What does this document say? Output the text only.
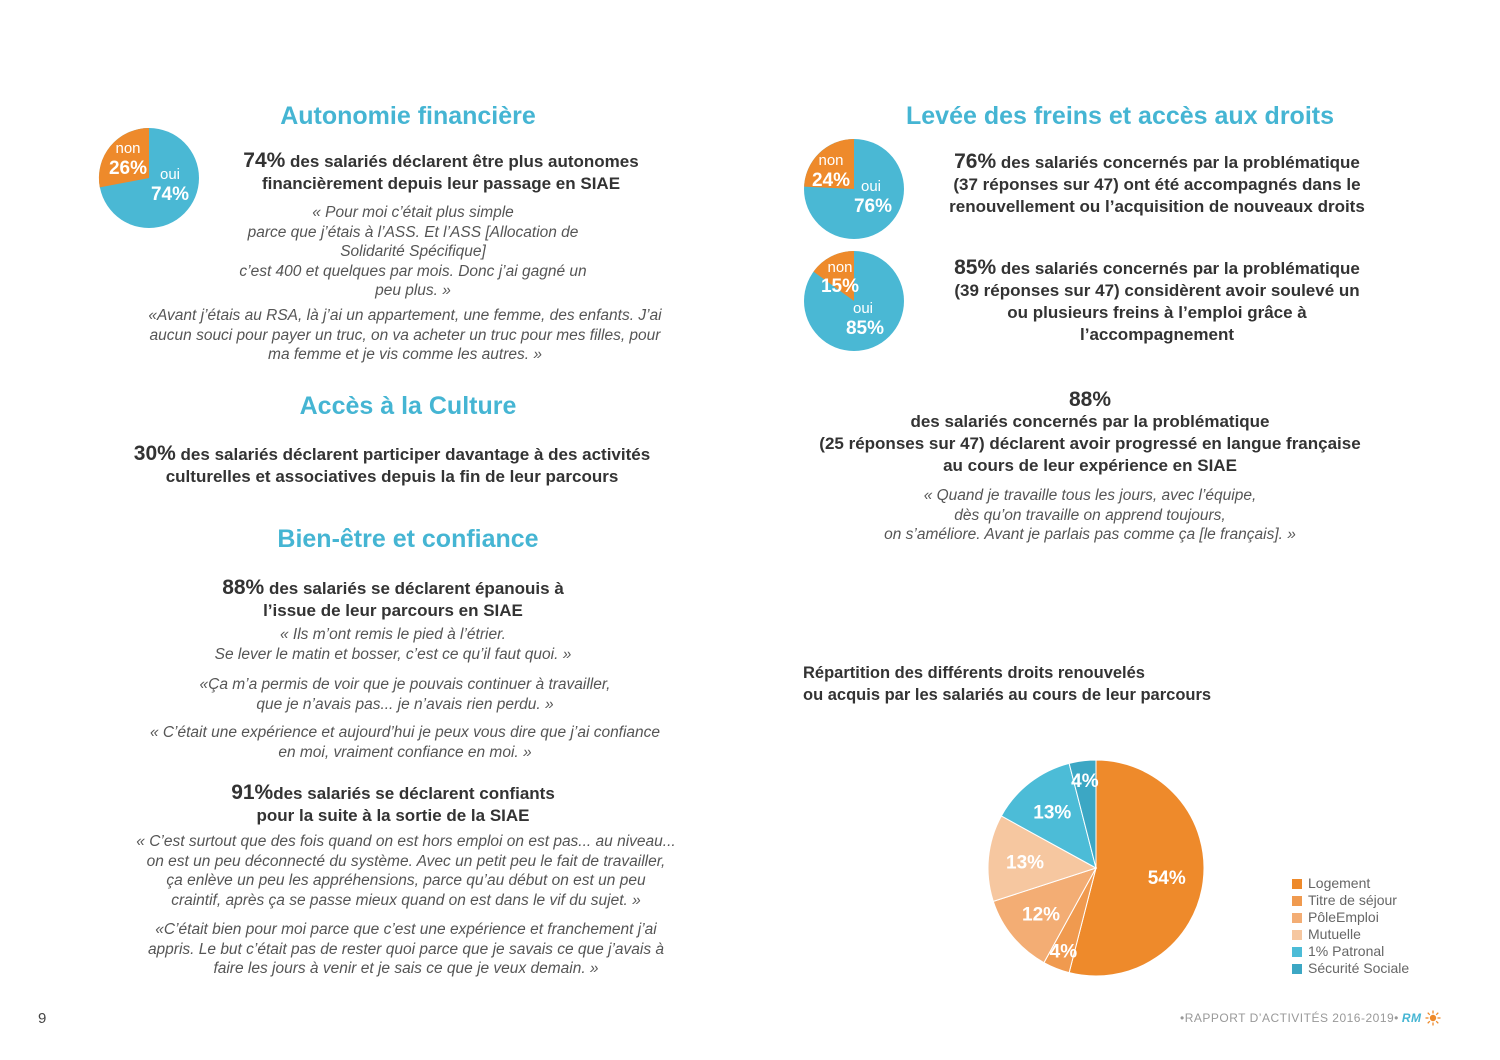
Autonomie financière
non
26% oui
74%
74% des salariés déclarent être plus autonomes
financièrement depuis leur passage en SIAE
« Pour moi c’était plus simple
parce que j’étais à l’ASS. Et l’ASS [Allocation de
Solidarité Spécifique]
c’est 400 et quelques par mois. Donc j’ai gagné un
peu plus. »
«Avant j’étais au RSA, là j’ai un appartement, une femme, des enfants. J’ai
aucun souci pour payer un truc, on va acheter un truc pour mes filles, pour
ma femme et je vis comme les autres. »
Accès à la Culture
30% des salariés déclarent participer davantage à des activités
culturelles et associatives depuis la fin de leur parcours
Bien-être et confiance
88% des salariés se déclarent épanouis à
l’issue de leur parcours en SIAE
« Ils m’ont remis le pied à l’étrier.
Se lever le matin et bosser, c’est ce qu’il faut quoi. »
«Ça m’a permis de voir que je pouvais continuer à travailler,
que je n’avais pas... je n’avais rien perdu. »
« C’était une expérience et aujourd’hui je peux vous dire que j’ai confiance
en moi, vraiment confiance en moi. »
91%des salariés se déclarent confiants
pour la suite à la sortie de la SIAE
« C’est surtout que des fois quand on est hors emploi on est pas... au niveau...
on est un peu déconnecté du système. Avec un petit peu le fait de travailler,
ça enlève un peu les appréhensions, parce qu’au début on est un peu
craintif, après ça se passe mieux quand on est dans le vif du sujet. »
«C’était bien pour moi parce que c’est une expérience et franchement j’ai
appris. Le but c’était pas de rester quoi parce que je savais ce que j’avais à
faire les jours à venir et je sais ce que je veux demain. »
9
Levée des freins et accès aux droits
non
24% oui
76%
76% des salariés concernés par la problématique
(37 réponses sur 47) ont été accompagnés dans le
renouvellement ou l’acquisition de nouveaux droits
non
15%
oui
85%
85% des salariés concernés par la problématique
(39 réponses sur 47) considèrent avoir soulevé un
ou plusieurs freins à l’emploi grâce à
l’accompagnement
88%
des salariés concernés par la problématique
(25 réponses sur 47) déclarent avoir progressé en langue française
au cours de leur expérience en SIAE
« Quand je travaille tous les jours, avec l’équipe,
dès qu’on travaille on apprend toujours,
on s’améliore. Avant je parlais pas comme ça [le français]. »
Répartition des différents droits renouvelés
ou acquis par les salariés au cours de leur parcours
54%
4%
12%
13%
13%
4%
Logement
Titre de séjour
PôleEmploi
Mutuelle
1% Patronal
Sécurité Sociale
•RAPPORT D’ACTIVITÉS 2016-2019• RM
